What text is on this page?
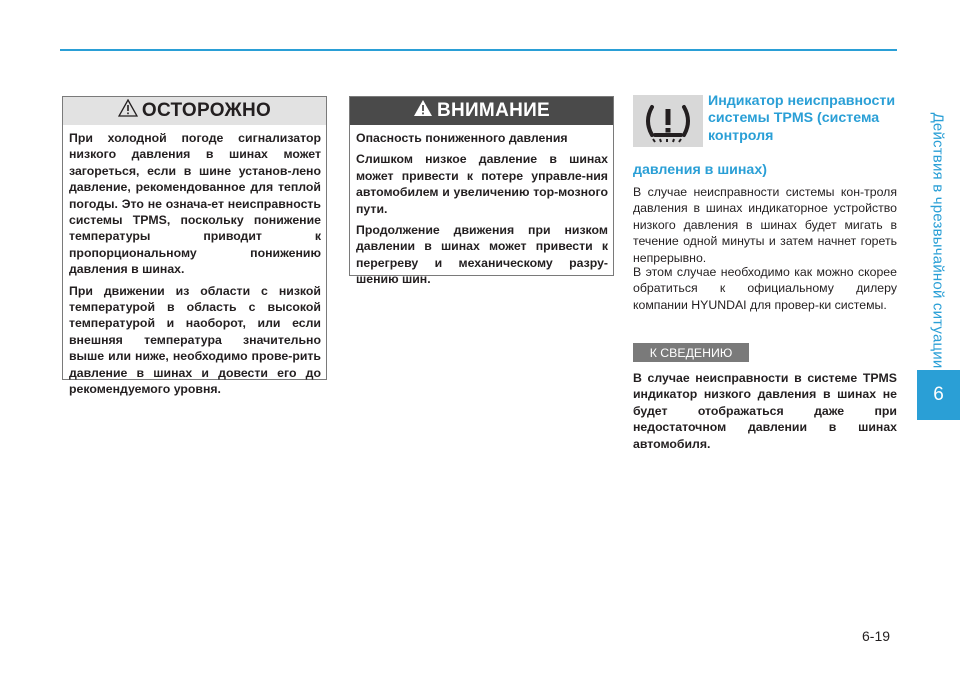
Действия в чрезвычайной ситуации
6
ОСТОРОЖНО

При холодной погоде сигнализатор низкого давления в шинах может загореться, если в шине установ-лено давление, рекомендованное для теплой погоды. Это не означа-ет неисправность системы TPMS, поскольку понижение температуры приводит к пропорциональному понижению давления в шинах.

При движении из области с низкой температурой в область с высокой температурой и наоборот, или если внешняя температура значительно выше или ниже, необходимо прове-рить давление в шинах и довести его до рекомендуемого уровня.

ВНИМАНИЕ

Опасность пониженного давления

Слишком низкое давление в шинах может привести к потере управле-ния автомобилем и увеличению тор-мозного пути.

Продолжение движения при низком давлении в шинах может привести к перегреву и механическому разру-шению шин.

Индикатор неисправности системы TPMS (система контроля
давления в шинах)

В случае неисправности системы кон-троля давления в шинах индикаторное устройство низкого давления в шинах будет мигать в течение одной минуты и затем начнет гореть непрерывно.

В этом случае необходимо как можно скорее обратиться к официальному дилеру компании HYUNDAI для провер-ки системы.

К СВЕДЕНИЮ

В случае неисправности в системе TPMS индикатор низкого давления в шинах не будет отображаться даже при недостаточном давлении в шинах автомобиля.

6-19
